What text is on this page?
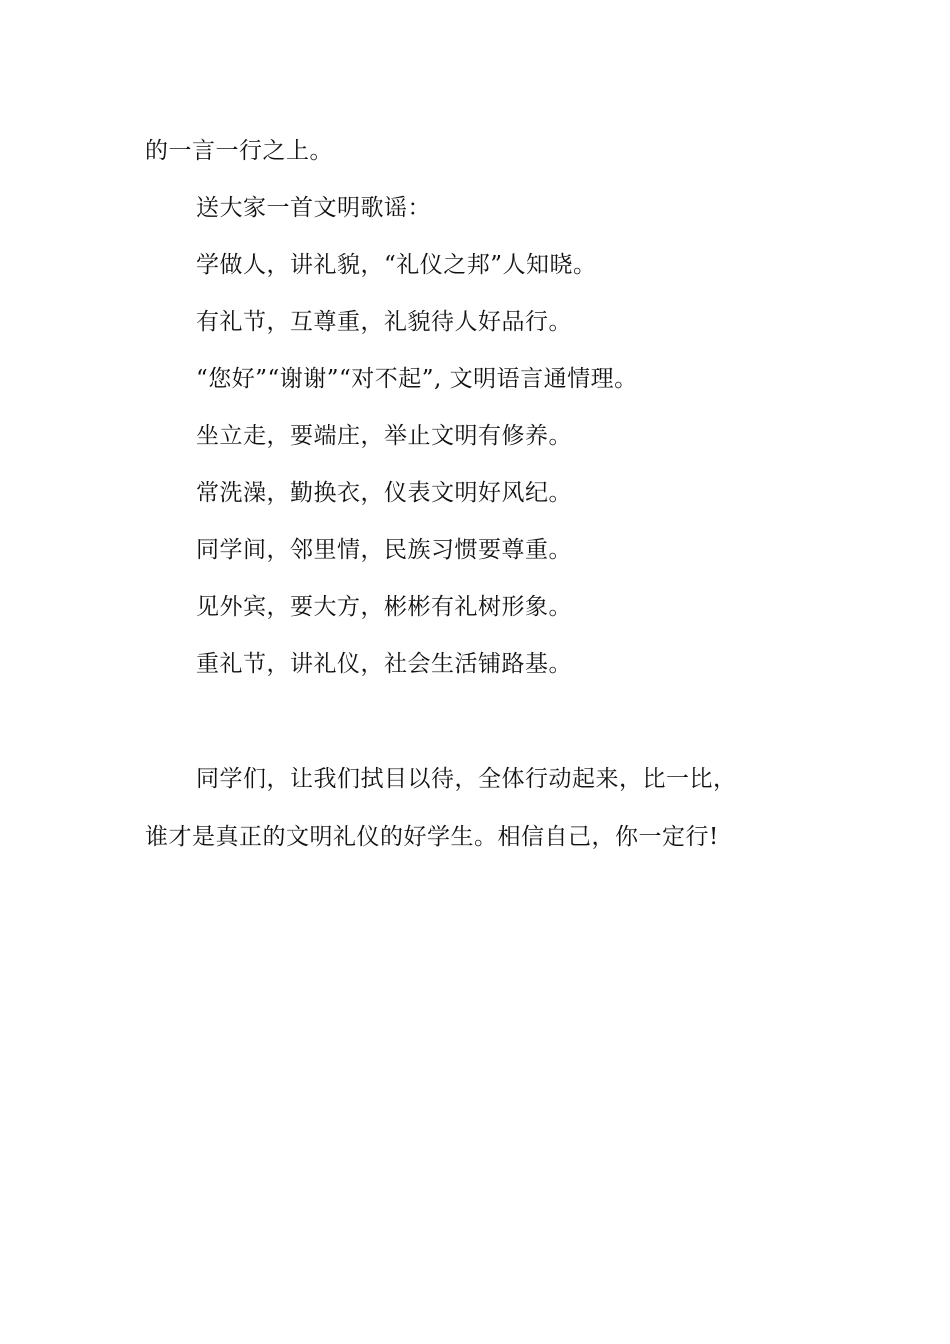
的一言一行之上。
送大家一首文明歌谣：
学做人，讲礼貌，“礼仪之邦”人知晓。
有礼节，互尊重，礼貌待人好品行。
“您好”“谢谢”“对不起”, 文明语言通情理。
坐立走，要端庄，举止文明有修养。
常洗澡，勤换衣，仪表文明好风纪。
同学间，邻里情，民族习惯要尊重。
见外宾，要大方，彬彬有礼树形象。
重礼节，讲礼仪，社会生活铺路基。
同学们，让我们拭目以待，全体行动起来，比一比，
谁才是真正的文明礼仪的好学生。相信自己，你一定行!
